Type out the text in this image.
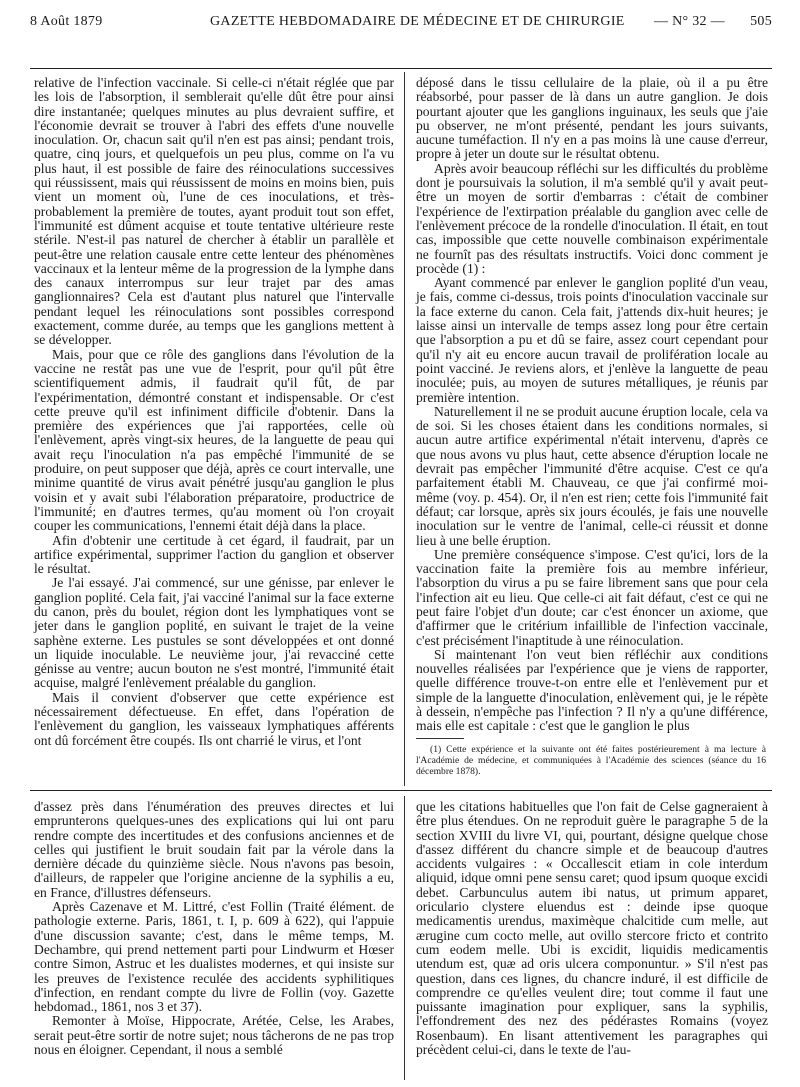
8 Août 1879	GAZETTE HEBDOMADAIRE DE MÉDECINE ET DE CHIRURGIE — N° 32 — 505

relative de l'infection vaccinale. Si celle-ci n'était réglée que par les lois de l'absorption, il semblerait qu'elle dût être pour ainsi dire instantanée; quelques minutes au plus devraient suffire, et l'économie devrait se trouver à l'abri des effets d'une nouvelle inoculation. Or, chacun sait qu'il n'en est pas ainsi; pendant trois, quatre, cinq jours, et quelquefois un peu plus, comme on l'a vu plus haut, il est possible de faire des réinoculations successives qui réussissent, mais qui réussissent de moins en moins bien, puis vient un moment où, l'une de ces inoculations, et très-probablement la première de toutes, ayant produit tout son effet, l'immunité est dûment acquise et toute tentative ultérieure reste stérile. N'est-il pas naturel de chercher à établir un parallèle et peut-être une relation causale entre cette lenteur des phénomènes vaccinaux et la lenteur même de la progression de la lymphe dans des canaux interrompus sur leur trajet par des amas ganglionnaires? Cela est d'autant plus naturel que l'intervalle pendant lequel les réinoculations sont possibles correspond exactement, comme durée, au temps que les ganglions mettent à se développer.

Mais, pour que ce rôle des ganglions dans l'évolution de la vaccine ne restât pas une vue de l'esprit, pour qu'il pût être scientifiquement admis, il faudrait qu'il fût, de par l'expérimentation, démontré constant et indispensable. Or c'est cette preuve qu'il est infiniment difficile d'obtenir. Dans la première des expériences que j'ai rapportées, celle où l'enlèvement, après vingt-six heures, de la languette de peau qui avait reçu l'inoculation n'a pas empêché l'immunité de se produire, on peut supposer que déjà, après ce court intervalle, une minime quantité de virus avait pénétré jusqu'au ganglion le plus voisin et y avait subi l'élaboration préparatoire, productrice de l'immunité; en d'autres termes, qu'au moment où l'on croyait couper les communications, l'ennemi était déjà dans la place.

Afin d'obtenir une certitude à cet égard, il faudrait, par un artifice expérimental, supprimer l'action du ganglion et observer le résultat.

Je l'ai essayé. J'ai commencé, sur une génisse, par enlever le ganglion poplité. Cela fait, j'ai vacciné l'animal sur la face externe du canon, près du boulet, région dont les lymphatiques vont se jeter dans le ganglion poplité, en suivant le trajet de la veine saphène externe. Les pustules se sont développées et ont donné un liquide inoculable. Le neuvième jour, j'ai revacciné cette génisse au ventre; aucun bouton ne s'est montré, l'immunité était acquise, malgré l'enlèvement préalable du ganglion.

Mais il convient d'observer que cette expérience est nécessairement défectueuse. En effet, dans l'opération de l'enlèvement du ganglion, les vaisseaux lymphatiques afférents ont dû forcément être coupés. Ils ont charrié le virus, et l'ont

déposé dans le tissu cellulaire de la plaie, où il a pu être réabsorbé, pour passer de là dans un autre ganglion. Je dois pourtant ajouter que les ganglions inguinaux, les seuls que j'aie pu observer, ne m'ont présenté, pendant les jours suivants, aucune tuméfaction. Il n'y en a pas moins là une cause d'erreur, propre à jeter un doute sur le résultat obtenu.

Après avoir beaucoup réfléchi sur les difficultés du problème dont je poursuivais la solution, il m'a semblé qu'il y avait peut-être un moyen de sortir d'embarras : c'était de combiner l'expérience de l'extirpation préalable du ganglion avec celle de l'enlèvement précoce de la rondelle d'inoculation. Il était, en tout cas, impossible que cette nouvelle combinaison expérimentale ne fournît pas des résultats instructifs. Voici donc comment je procède (1) :

Ayant commencé par enlever le ganglion poplité d'un veau, je fais, comme ci-dessus, trois points d'inoculation vaccinale sur la face externe du canon. Cela fait, j'attends dix-huit heures; je laisse ainsi un intervalle de temps assez long pour être certain que l'absorption a pu et dû se faire, assez court cependant pour qu'il n'y ait eu encore aucun travail de prolifération locale au point vacciné. Je reviens alors, et j'enlève la languette de peau inoculée; puis, au moyen de sutures métalliques, je réunis par première intention.

Naturellement il ne se produit aucune éruption locale, cela va de soi. Si les choses étaient dans les conditions normales, si aucun autre artifice expérimental n'était intervenu, d'après ce que nous avons vu plus haut, cette absence d'éruption locale ne devrait pas empêcher l'immunité d'être acquise. C'est ce qu'a parfaitement établi M. Chauveau, ce que j'ai confirmé moi-même (voy. p. 454). Or, il n'en est rien; cette fois l'immunité fait défaut; car lorsque, après six jours écoulés, je fais une nouvelle inoculation sur le ventre de l'animal, celle-ci réussit et donne lieu à une belle éruption.

Une première conséquence s'impose. C'est qu'ici, lors de la vaccination faite la première fois au membre inférieur, l'absorption du virus a pu se faire librement sans que pour cela l'infection ait eu lieu. Que celle-ci ait fait défaut, c'est ce qui ne peut faire l'objet d'un doute; car c'est énoncer un axiome, que d'affirmer que le critérium infaillible de l'infection vaccinale, c'est précisément l'inaptitude à une réinoculation.

Si maintenant l'on veut bien réfléchir aux conditions nouvelles réalisées par l'expérience que je viens de rapporter, quelle différence trouve-t-on entre elle et l'enlèvement pur et simple de la languette d'inoculation, enlèvement qui, je le répète à dessein, n'empêche pas l'infection ? Il n'y a qu'une différence, mais elle est capitale : c'est que le ganglion le plus

(1) Cette expérience et la suivante ont été faites postérieurement à ma lecture à l'Académie de médecine, et communiquées à l'Académie des sciences (séance du 16 décembre 1878).

d'assez près dans l'énumération des preuves directes et lui emprunterons quelques-unes des explications qui lui ont paru rendre compte des incertitudes et des confusions anciennes et de celles qui justifient le bruit soudain fait par la vérole dans la dernière décade du quinzième siècle. Nous n'avons pas besoin, d'ailleurs, de rappeler que l'origine ancienne de la syphilis a eu, en France, d'illustres défenseurs.

Après Cazenave et M. Littré, c'est Follin (Traité élément. de pathologie externe. Paris, 1861, t. I, p. 609 à 622), qui l'appuie d'une discussion savante; c'est, dans le même temps, M. Dechambre, qui prend nettement parti pour Lindwurm et Hœser contre Simon, Astruc et les dualistes modernes, et qui insiste sur les preuves de l'existence reculée des accidents syphilitiques d'infection, en rendant compte du livre de Follin (voy. Gazette hebdomad., 1861, nos 3 et 37).

Remonter à Moïse, Hippocrate, Arétée, Celse, les Arabes, serait peut-être sortir de notre sujet; nous tâcherons de ne pas trop nous en éloigner. Cependant, il nous a semblé

que les citations habituelles que l'on fait de Celse gagneraient à être plus étendues. On ne reproduit guère le paragraphe 5 de la section XVIII du livre VI, qui, pourtant, désigne quelque chose d'assez différent du chancre simple et de beaucoup d'autres accidents vulgaires : « Occallescit etiam in cole interdum aliquid, idque omni pene sensu caret; quod ipsum quoque excidi debet. Carbunculus autem ibi natus, ut primum apparet, oriculario clystere eluendus est : deinde ipse quoque medicamentis urendus, maximèque chalcitide cum melle, aut ærugine cum cocto melle, aut ovillo stercore fricto et contrito cum eodem melle. Ubi is excidit, liquidis medicamentis utendum est, quæ ad oris ulcera componuntur. » S'il n'est pas question, dans ces lignes, du chancre induré, il est difficile de comprendre ce qu'elles veulent dire; tout comme il faut une puissante imagination pour expliquer, sans la syphilis, l'effondrement des nez des pédérastes Romains (voyez Rosenbaum). En lisant attentivement les paragraphes qui précèdent celui-ci, dans le texte de l'au-
